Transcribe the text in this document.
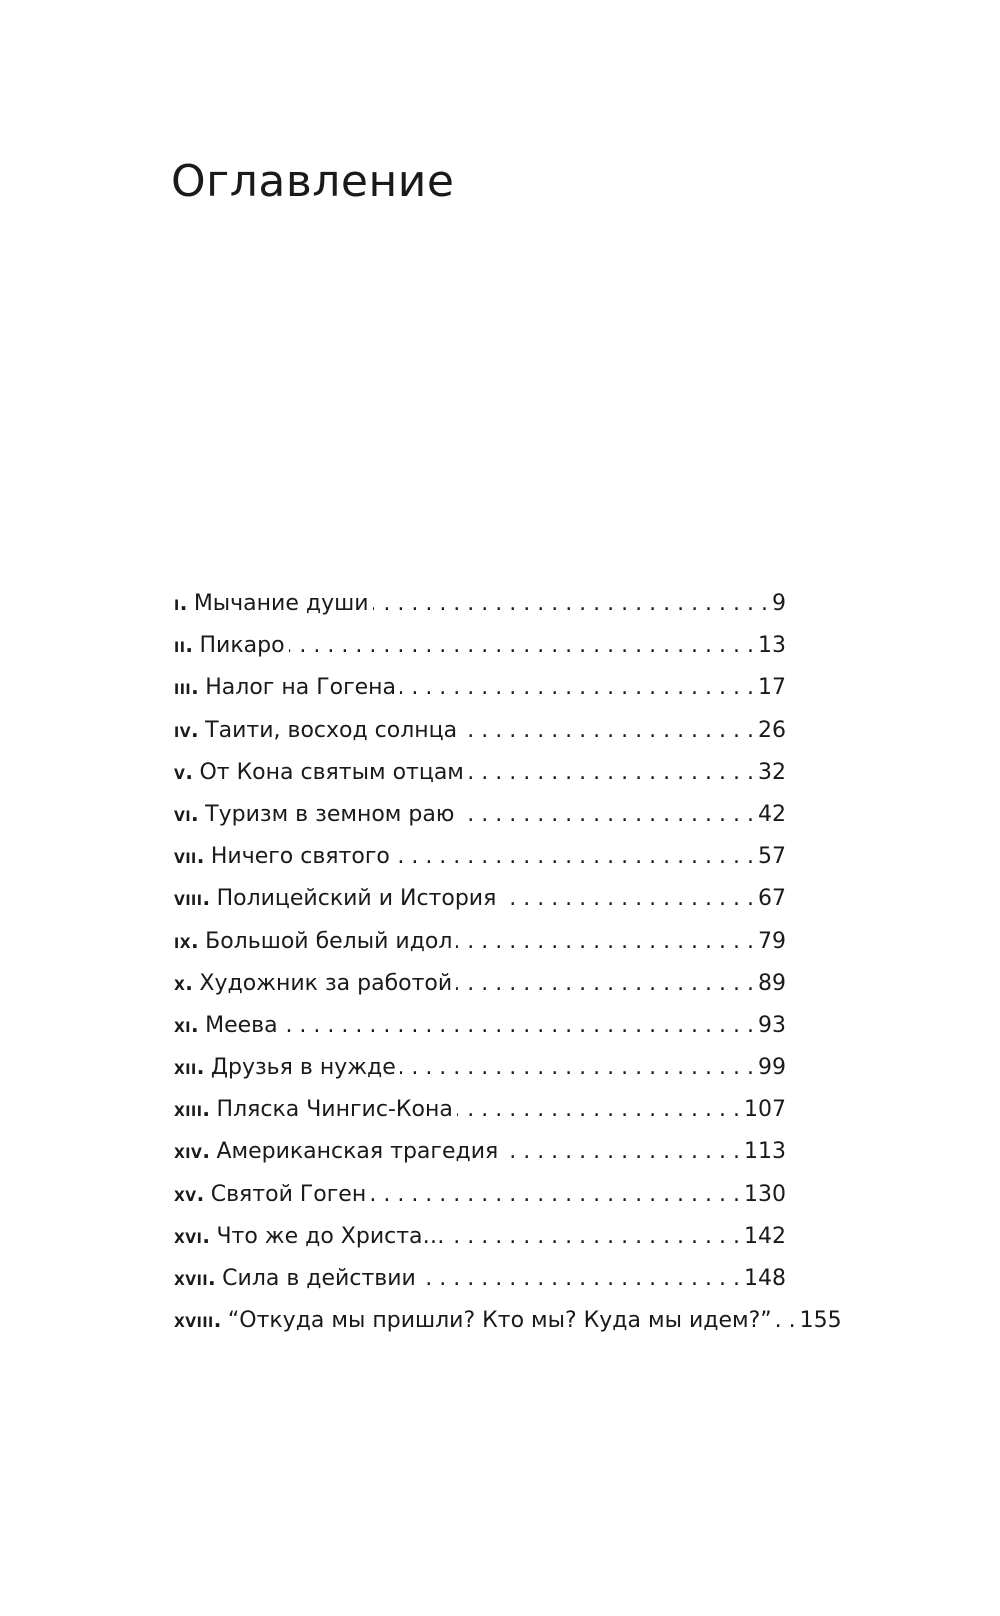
Оглавление
i. Мычание души . . .	9
ii. Пикаро . . .	13
iii. Налог на Гогена . . .	17
iv. Таити, восход солнца . . .	26
v. От Кона святым отцам . . .	32
vi. Туризм в земном раю . . .	42
vii. Ничего святого . . .	57
viii. Полицейский и История . . .	67
ix. Большой белый идол . . .	79
x. Художник за работой . . .	89
xi. Меева . . .	93
xii. Друзья в нужде . . .	99
xiii. Пляска Чингис-Кона . . .	107
xiv. Американская трагедия . . .	113
xv. Святой Гоген . . .	130
xvi. Что же до Христа… . . .	142
xvii. Сила в действии . . .	148
xviii. “Откуда мы пришли? Кто мы? Куда мы идем?” . . . 155
